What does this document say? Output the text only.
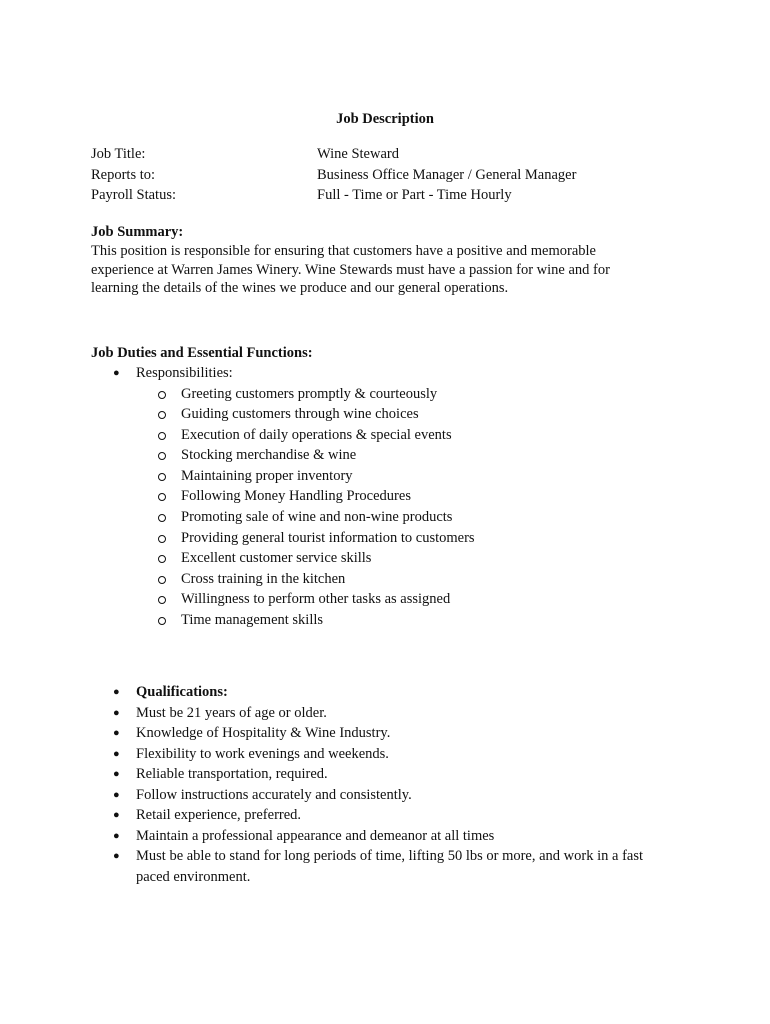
Job Description
Job Title:	Wine Steward
Reports to:	Business Office Manager / General Manager
Payroll Status:	Full - Time or Part - Time Hourly
Job Summary:

This position is responsible for ensuring that customers have a positive and memorable experience at Warren James Winery. Wine Stewards must have a passion for wine and for learning the details of the wines we produce and our general operations.

Job Duties and Essential Functions:
● Responsibilities:
Greeting customers promptly & courteously
Guiding customers through wine choices
Execution of daily operations & special events
Stocking merchandise & wine
Maintaining proper inventory
Following Money Handling Procedures
Promoting sale of wine and non-wine products
Providing general tourist information to customers
Excellent customer service skills
Cross training in the kitchen
Willingness to perform other tasks as assigned
Time management skills
● Qualifications:
● Must be 21 years of age or older.
● Knowledge of Hospitality & Wine Industry.
● Flexibility to work evenings and weekends.
● Reliable transportation, required.
● Follow instructions accurately and consistently.
● Retail experience, preferred.
● Maintain a professional appearance and demeanor at all times
● Must be able to stand for long periods of time, lifting 50 lbs or more, and work in a fast paced environment.
